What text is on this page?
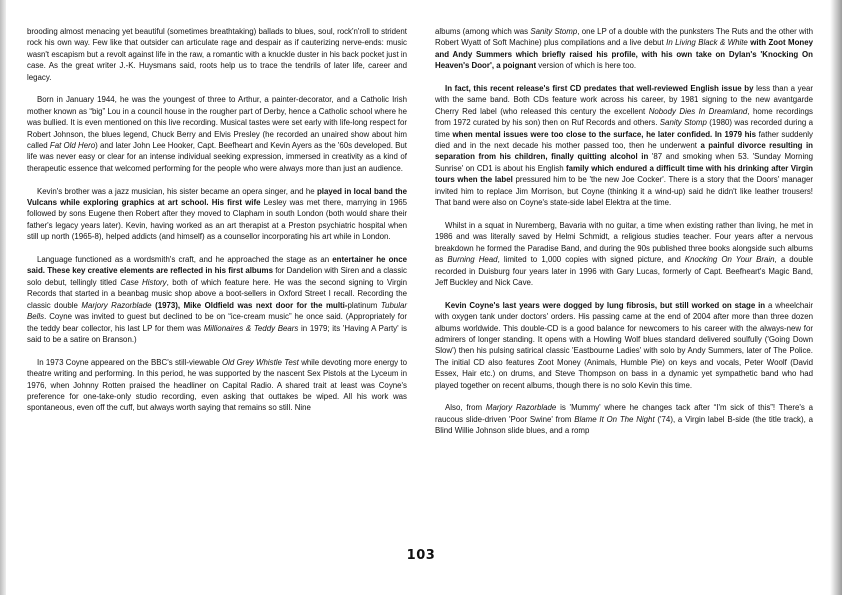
brooding almost menacing yet beautiful (sometimes breathtaking) ballads to blues, soul, rock'n'roll to strident rock his own way. Few like that outsider can articulate rage and despair as if cauterizing nerve-ends: music wasn't escapism but a revolt against life in the raw, a romantic with a knuckle duster in his back pocket just in case. As the great writer J.-K. Huysmans said, roots help us to trace the tendrils of later life, career and legacy.

Born in January 1944, he was the youngest of three to Arthur, a painter-decorator, and a Catholic Irish mother known as “big” Lou in a council house in the rougher part of Derby, hence a Catholic school where he was bullied. It is even mentioned on this live recording. Musical tastes were set early with life-long respect for Robert Johnson, the blues legend, Chuck Berry and Elvis Presley (he recorded an unaired show about him called Fat Old Hero) and later John Lee Hooker, Capt. Beefheart and Kevin Ayers as the '60s developed. But life was never easy or clear for an intense individual seeking expression, immersed in creativity as a kind of therapeutic essence that welcomed performing for the people who were always more than just an audience.

Kevin's brother was a jazz musician, his sister became an opera singer, and he played in local band the Vulcans while exploring graphics at art school. His first wife Lesley was met there, marrying in 1965 followed by sons Eugene then Robert after they moved to Clapham in south London (both would share their father's legacy years later). Kevin, having worked as an art therapist at a Preston psychiatric hospital when still up north (1965-8), helped addicts (and himself) as a counsellor incorporating his art while in London.

Language functioned as a wordsmith's craft, and he approached the stage as an entertainer he once said. These key creative elements are reflected in his first albums for Dandelion with Siren and a classic solo debut, tellingly titled Case History, both of which feature here. He was the second signing to Virgin Records that started in a beanbag music shop above a boot-sellers in Oxford Street I recall. Recording the classic double Marjory Razorblade (1973), Mike Oldfield was next door for the multi-platinum Tubular Bells. Coyne was invited to guest but declined to be on “ice-cream music” he once said. (Appropriately for the teddy bear collector, his last LP for them was Millionaires & Teddy Bears in 1979; its 'Having A Party' is said to be a satire on Branson.)

In 1973 Coyne appeared on the BBC's still-viewable Old Grey Whistle Test while devoting more energy to theatre writing and performing. In this period, he was supported by the nascent Sex Pistols at the Lyceum in 1976, when Johnny Rotten praised the headliner on Capital Radio. A shared trait at least was Coyne's preference for one-take-only studio recording, even asking that outtakes be wiped. All his work was spontaneous, even off the cuff, but always worth saying that remains so still. Nine

albums (among which was Sanity Stomp, one LP of a double with the punksters The Ruts and the other with Robert Wyatt of Soft Machine) plus compilations and a live debut In Living Black & White with Zoot Money and Andy Summers which briefly raised his profile, with his own take on Dylan's 'Knocking On Heaven's Door', a poignant version of which is here too.

In fact, this recent release's first CD predates that well-reviewed English issue by less than a year with the same band. Both CDs feature work across his career, by 1981 signing to the new avantgarde Cherry Red label (who released this century the excellent Nobody Dies In Dreamland, home recordings from 1972 curated by his son) then on Ruf Records and others. Sanity Stomp (1980) was recorded during a time when mental issues were too close to the surface, he later confided. In 1979 his father suddenly died and in the next decade his mother passed too, then he underwent a painful divorce resulting in separation from his children, finally quitting alcohol in '87 and smoking when 53. 'Sunday Morning Sunrise' on CD1 is about his English family which endured a difficult time with his drinking after Virgin tours when the label pressured him to be 'the new Joe Cocker'. There is a story that the Doors' manager invited him to replace Jim Morrison, but Coyne (thinking it a wind-up) said he didn't like leather trousers! That band were also on Coyne's state-side label Elektra at the time.

Whilst in a squat in Nuremberg, Bavaria with no guitar, a time when existing rather than living, he met in 1986 and was literally saved by Helmi Schmidt, a religious studies teacher. Four years after a nervous breakdown he formed the Paradise Band, and during the 90s published three books alongside such albums as Burning Head, limited to 1,000 copies with signed picture, and Knocking On Your Brain, a double recorded in Duisburg four years later in 1996 with Gary Lucas, formerly of Capt. Beefheart's Magic Band, Jeff Buckley and Nick Cave.

Kevin Coyne's last years were dogged by lung fibrosis, but still worked on stage in a wheelchair with oxygen tank under doctors' orders. His passing came at the end of 2004 after more than three dozen albums worldwide. This double-CD is a good balance for newcomers to his career with the always-new for admirers of longer standing. It opens with a Howling Wolf blues standard delivered soulfully ('Going Down Slow') then his pulsing satirical classic 'Eastbourne Ladies' with solo by Andy Summers, later of The Police. The initial CD also features Zoot Money (Animals, Humble Pie) on keys and vocals, Peter Woolf (David Essex, Hair etc.) on drums, and Steve Thompson on bass in a dynamic yet sympathetic band who had played together on recent albums, though there is no solo Kevin this time.

Also, from Marjory Razorblade is 'Mummy' where he changes tack after “I'm sick of this”! There's a raucous slide-driven 'Poor Swine' from Blame It On The Night ('74), a Virgin label B-side (the title track), a Blind Willie Johnson slide blues, and a romp

103
